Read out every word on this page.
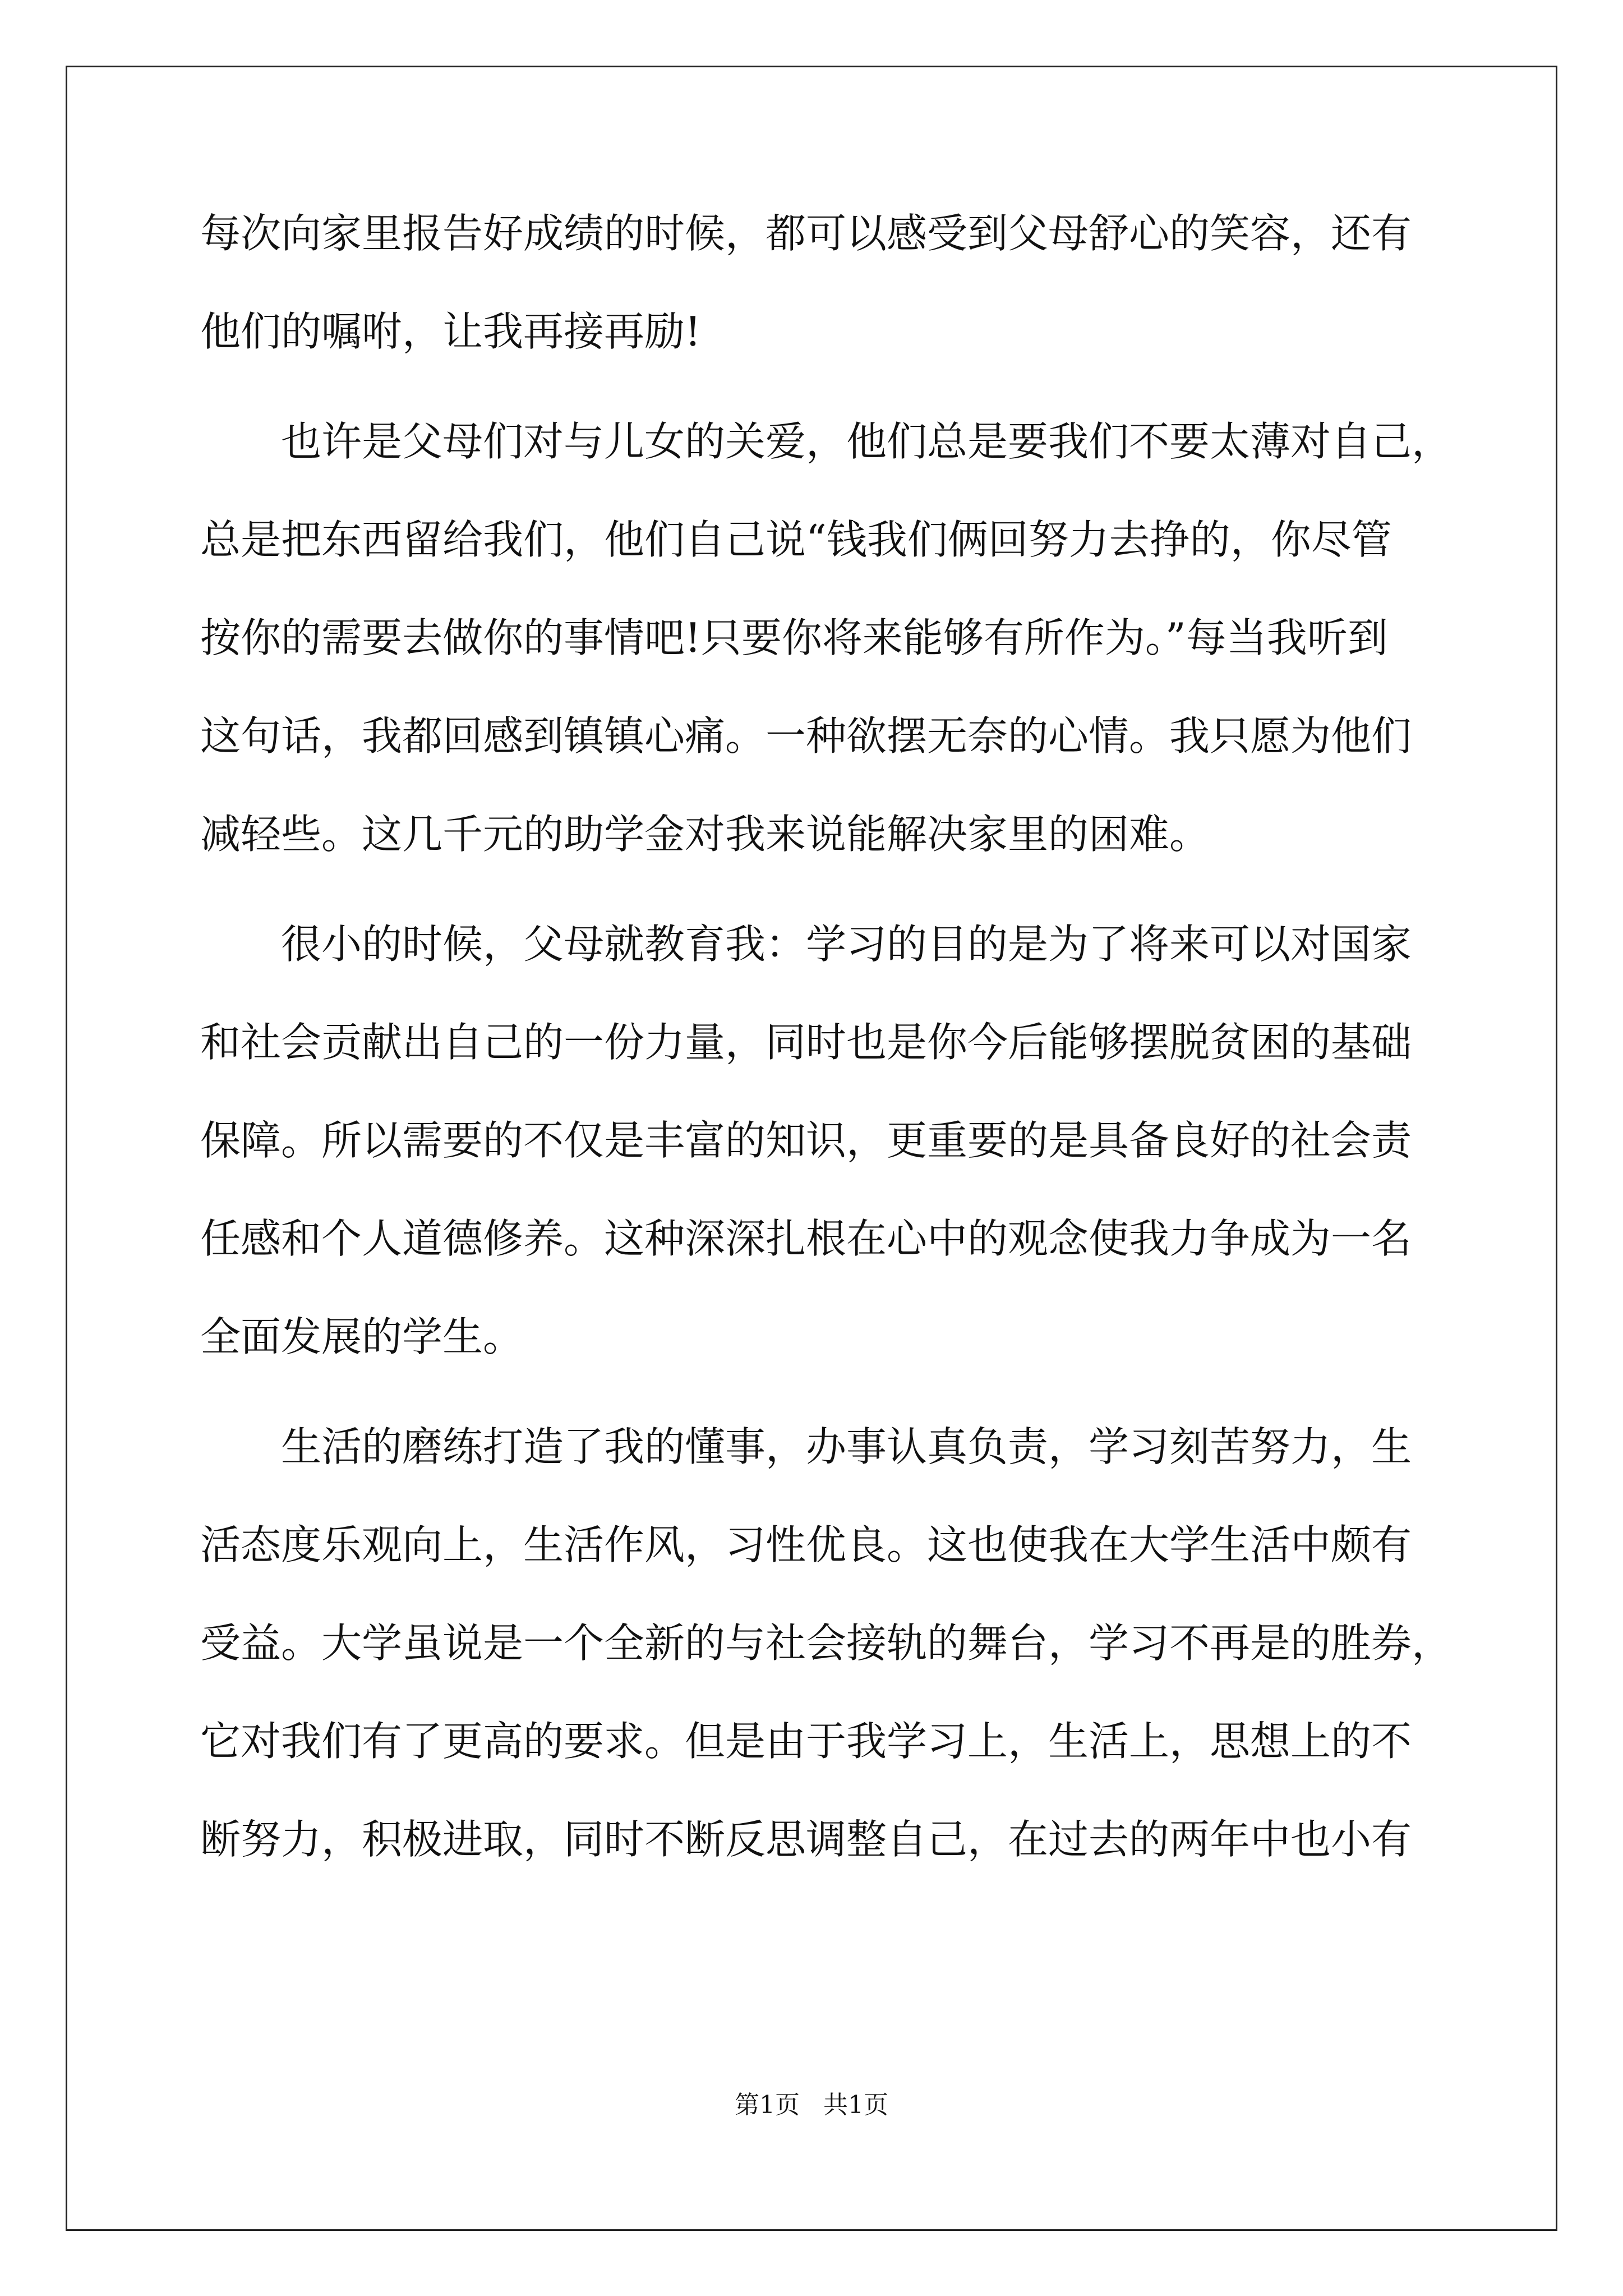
每次向家里报告好成绩的时候，都可以感受到父母舒心的笑容，还有
他们的嘱咐，让我再接再励!
　　也许是父母们对与儿女的关爱，他们总是要我们不要太薄对自己，
总是把东西留给我们，他们自己说“钱我们俩回努力去挣的，你尽管
按你的需要去做你的事情吧!只要你将来能够有所作为。”每当我听到
这句话，我都回感到镇镇心痛。一种欲摆无奈的心情。我只愿为他们
减轻些。这几千元的助学金对我来说能解决家里的困难。
　　很小的时候，父母就教育我：学习的目的是为了将来可以对国家
和社会贡献出自己的一份力量，同时也是你今后能够摆脱贫困的基础
保障。所以需要的不仅是丰富的知识，更重要的是具备良好的社会责
任感和个人道德修养。这种深深扎根在心中的观念使我力争成为一名
全面发展的学生。
　　生活的磨练打造了我的懂事，办事认真负责，学习刻苦努力，生
活态度乐观向上，生活作风，习性优良。这也使我在大学生活中颇有
受益。大学虽说是一个全新的与社会接轨的舞台，学习不再是的胜券，
它对我们有了更高的要求。但是由于我学习上，生活上，思想上的不
断努力，积极进取，同时不断反思调整自己，在过去的两年中也小有
第1页   共1页
